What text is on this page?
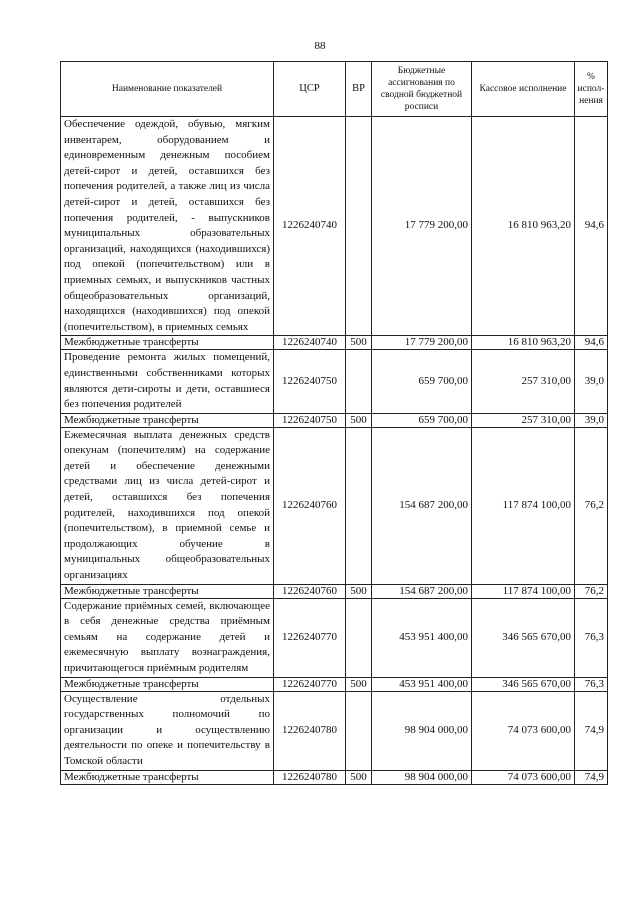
88
Наименование показателей	ЦСР	ВР	Бюджетные ассигнования по сводной бюджетной росписи	Кассовое исполнение	% испол-нения
Обеспечение одеждой, обувью, мягким инвентарем, оборудованием и единовременным денежным пособием детей-сирот и детей, оставшихся без попечения родителей, а также лиц из числа детей-сирот и детей, оставшихся без попечения родителей, - выпускников муниципальных образовательных организаций, находящихся (находившихся) под опекой (попечительством) или в приемных семьях, и выпускников частных общеобразовательных организаций, находящихся (находившихся) под опекой (попечительством), в приемных семьях	1226240740		17 779 200,00	16 810 963,20	94,6
Межбюджетные трансферты	1226240740	500	17 779 200,00	16 810 963,20	94,6
Проведение ремонта жилых помещений, единственными собственниками которых являются дети-сироты и дети, оставшиеся без попечения родителей	1226240750		659 700,00	257 310,00	39,0
Межбюджетные трансферты	1226240750	500	659 700,00	257 310,00	39,0
Ежемесячная выплата денежных средств опекунам (попечителям) на содержание детей и обеспечение денежными средствами лиц из числа детей-сирот и детей, оставшихся без попечения родителей, находившихся под опекой (попечительством), в приемной семье и продолжающих обучение в муниципальных общеобразовательных организациях	1226240760		154 687 200,00	117 874 100,00	76,2
Межбюджетные трансферты	1226240760	500	154 687 200,00	117 874 100,00	76,2
Содержание приёмных семей, включающее в себя денежные средства приёмным семьям на содержание детей и ежемесячную выплату вознаграждения, причитающегося приёмным родителям	1226240770		453 951 400,00	346 565 670,00	76,3
Межбюджетные трансферты	1226240770	500	453 951 400,00	346 565 670,00	76,3
Осуществление отдельных государственных полномочий по организации и осуществлению деятельности по опеке и попечительству в Томской области	1226240780		98 904 000,00	74 073 600,00	74,9
Межбюджетные трансферты	1226240780	500	98 904 000,00	74 073 600,00	74,9
